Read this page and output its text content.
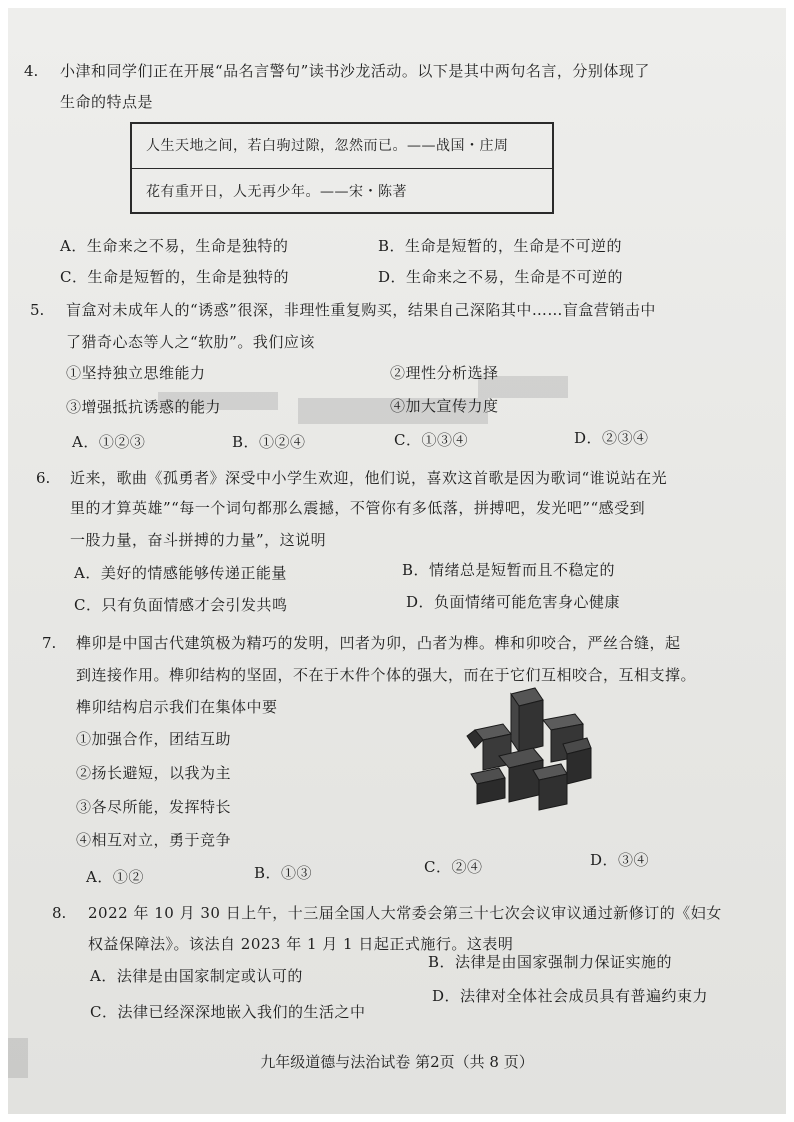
4. 小津和同学们正在开展“品名言警句”读书沙龙活动。以下是其中两句名言，分别体现了
生命的特点是
人生天地之间，若白驹过隙，忽然而已。——战国・庄周
花有重开日，人无再少年。——宋・陈著
A．生命来之不易，生命是独特的	B．生命是短暂的，生命是不可逆的
C．生命是短暂的，生命是独特的	D．生命来之不易，生命是不可逆的
5. 盲盒对未成年人的“诱惑”很深，非理性重复购买，结果自己深陷其中……盲盒营销击中
了猎奇心态等人之“软肋”。我们应该
①坚持独立思维能力	②理性分析选择
③增强抵抗诱惑的能力	④加大宣传力度
A．①②③	B．①②④	C．①③④	D．②③④
6. 近来，歌曲《孤勇者》深受中小学生欢迎，他们说，喜欢这首歌是因为歌词“谁说站在光
里的才算英雄”“每一个词句都那么震撼，不管你有多低落，拼搏吧，发光吧”“感受到
一股力量，奋斗拼搏的力量”，这说明
A．美好的情感能够传递正能量	B．情绪总是短暂而且不稳定的
C．只有负面情感才会引发共鸣	D．负面情绪可能危害身心健康
7. 榫卯是中国古代建筑极为精巧的发明，凹者为卯，凸者为榫。榫和卯咬合，严丝合缝，起
到连接作用。榫卯结构的坚固，不在于木件个体的强大，而在于它们互相咬合，互相支撑。
榫卯结构启示我们在集体中要
①加强合作，团结互助
②扬长避短，以我为主
③各尽所能，发挥特长
④相互对立，勇于竞争
A．①②	B．①③	C．②④	D．③④
8. 2022 年 10 月 30 日上午，十三届全国人大常委会第三十七次会议审议通过新修订的《妇女
权益保障法》。该法自 2023 年 1 月 1 日起正式施行。这表明
A．法律是由国家制定或认可的
B．法律是由国家强制力保证实施的
C．法律已经深深地嵌入我们的生活之中
D．法律对全体社会成员具有普遍约束力
九年级道德与法治试卷 第2页（共 8 页）
